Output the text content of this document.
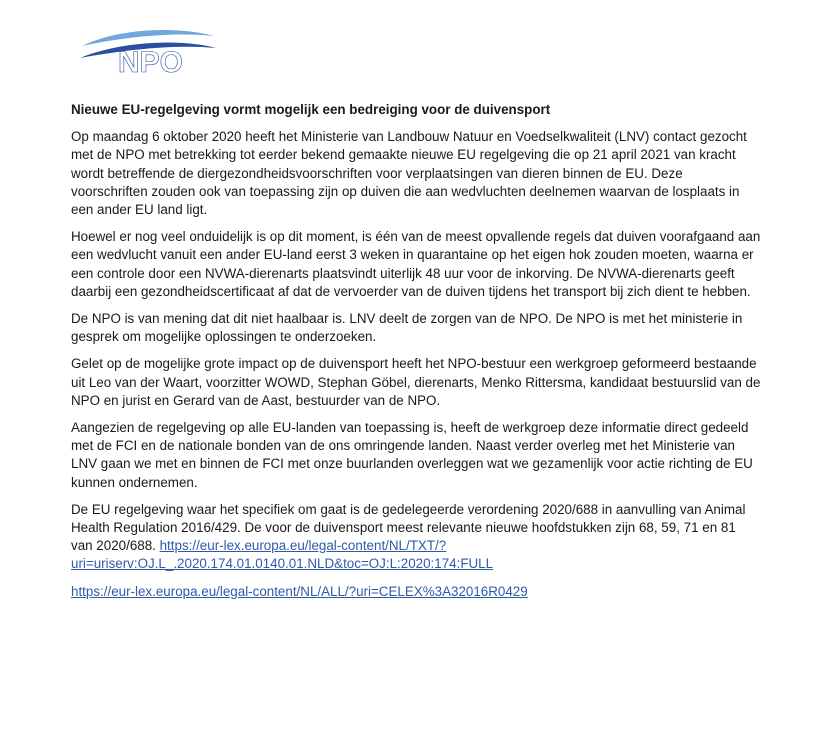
NPO
Nieuwe EU-regelgeving vormt mogelijk een bedreiging voor de duivensport

Op maandag 6 oktober 2020 heeft het Ministerie van Landbouw Natuur en Voedselkwaliteit (LNV) contact gezocht met de NPO met betrekking tot eerder bekend gemaakte nieuwe EU regelgeving die op 21 april 2021 van kracht wordt betreffende de diergezondheidsvoorschriften voor verplaatsingen van dieren binnen de EU. Deze voorschriften zouden ook van toepassing zijn op duiven die aan wedvluchten deelnemen waarvan de losplaats in een ander EU land ligt.

Hoewel er nog veel onduidelijk is op dit moment, is één van de meest opvallende regels dat duiven voorafgaand aan een wedvlucht vanuit een ander EU-land eerst 3 weken in quarantaine op het eigen hok zouden moeten, waarna er een controle door een NVWA-dierenarts plaatsvindt uiterlijk 48 uur voor de inkorving. De NVWA-dierenarts geeft daarbij een gezondheidscertificaat af dat de vervoerder van de duiven tijdens het transport bij zich dient te hebben.

De NPO is van mening dat dit niet haalbaar is. LNV deelt de zorgen van de NPO. De NPO is met het ministerie in gesprek om mogelijke oplossingen te onderzoeken.

Gelet op de mogelijke grote impact op de duivensport heeft het NPO-bestuur een werkgroep geformeerd bestaande uit Leo van der Waart, voorzitter WOWD, Stephan Göbel, dierenarts, Menko Rittersma, kandidaat bestuurslid van de NPO en jurist en Gerard van de Aast, bestuurder van de NPO.

Aangezien de regelgeving op alle EU-landen van toepassing is, heeft de werkgroep deze informatie direct gedeeld met de FCI en de nationale bonden van de ons omringende landen. Naast verder overleg met het Ministerie van LNV gaan we met en binnen de FCI met onze buurlanden overleggen wat we gezamenlijk voor actie richting de EU kunnen ondernemen.

De EU regelgeving waar het specifiek om gaat is de gedelegeerde verordening 2020/688 in aanvulling van Animal Health Regulation 2016/429. De voor de duivensport meest relevante nieuwe hoofdstukken zijn 68, 59, 71 en 81 van 2020/688. https://eur-lex.europa.eu/legal-content/NL/TXT/?uri=uriserv:OJ.L_.2020.174.01.0140.01.NLD&toc=OJ:L:2020:174:FULL

https://eur-lex.europa.eu/legal-content/NL/ALL/?uri=CELEX%3A32016R0429
